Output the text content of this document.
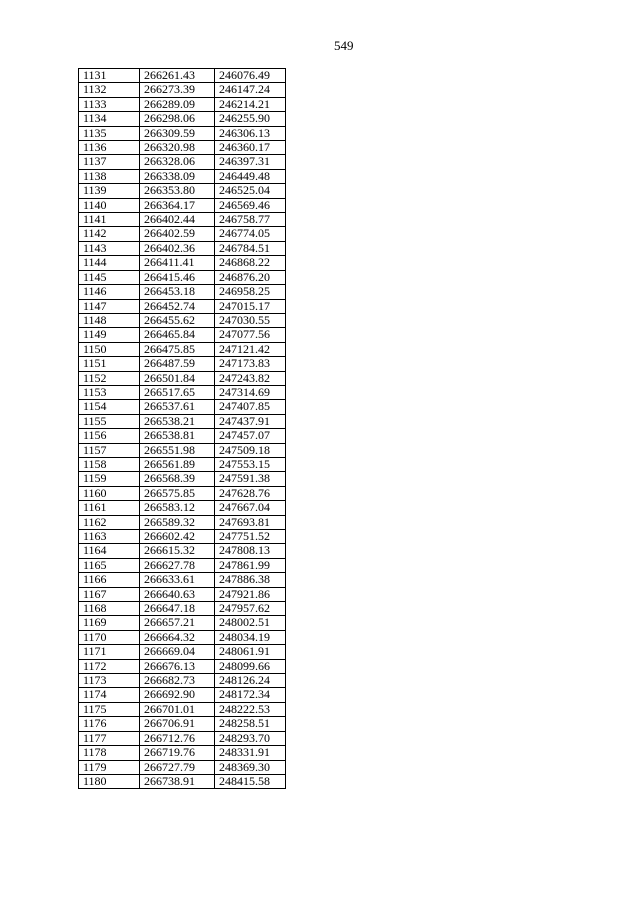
549
1131	266261.43	246076.49
1132	266273.39	246147.24
1133	266289.09	246214.21
1134	266298.06	246255.90
1135	266309.59	246306.13
1136	266320.98	246360.17
1137	266328.06	246397.31
1138	266338.09	246449.48
1139	266353.80	246525.04
1140	266364.17	246569.46
1141	266402.44	246758.77
1142	266402.59	246774.05
1143	266402.36	246784.51
1144	266411.41	246868.22
1145	266415.46	246876.20
1146	266453.18	246958.25
1147	266452.74	247015.17
1148	266455.62	247030.55
1149	266465.84	247077.56
1150	266475.85	247121.42
1151	266487.59	247173.83
1152	266501.84	247243.82
1153	266517.65	247314.69
1154	266537.61	247407.85
1155	266538.21	247437.91
1156	266538.81	247457.07
1157	266551.98	247509.18
1158	266561.89	247553.15
1159	266568.39	247591.38
1160	266575.85	247628.76
1161	266583.12	247667.04
1162	266589.32	247693.81
1163	266602.42	247751.52
1164	266615.32	247808.13
1165	266627.78	247861.99
1166	266633.61	247886.38
1167	266640.63	247921.86
1168	266647.18	247957.62
1169	266657.21	248002.51
1170	266664.32	248034.19
1171	266669.04	248061.91
1172	266676.13	248099.66
1173	266682.73	248126.24
1174	266692.90	248172.34
1175	266701.01	248222.53
1176	266706.91	248258.51
1177	266712.76	248293.70
1178	266719.76	248331.91
1179	266727.79	248369.30
1180	266738.91	248415.58
